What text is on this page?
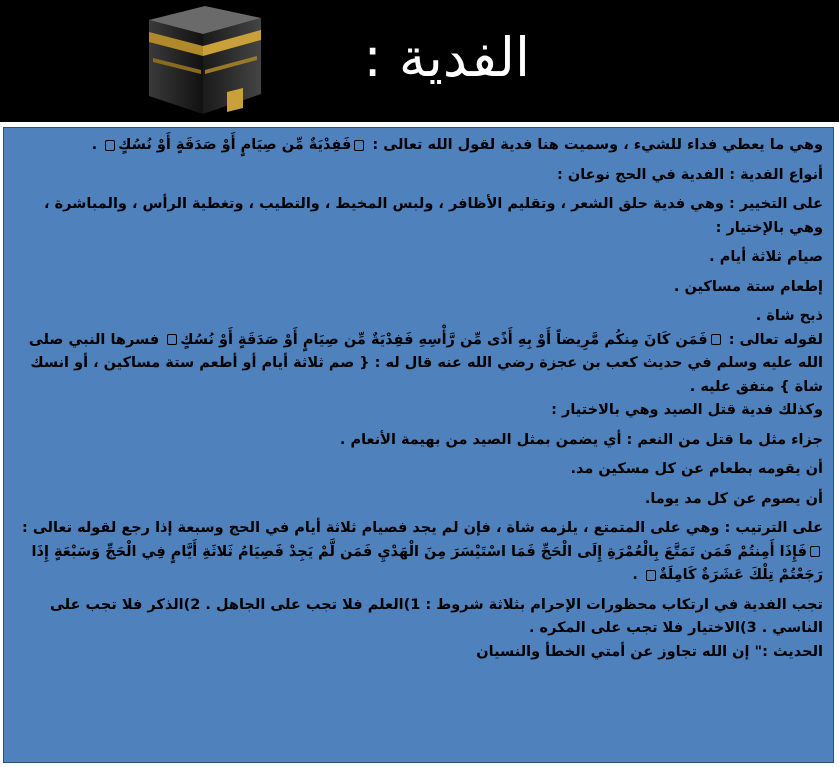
الفدية :

وهي ما يعطي فداء للشيء ، وسميت هنا فدية لقول الله تعالى : فَفِدْيَةٌ مِّن صِيَامٍ أَوْ صَدَقَةٍ أَوْ نُسُكٍ .

أنواع الفدية : الفدية في الحج نوعان :

على التخيير : وهي فدية حلق الشعر ، وتقليم الأظافر ، ولبس المخيط ، والتطيب ، وتغطية الرأس ، والمباشرة ، وهي بالإختيار :

صيام ثلاثة أيام .

إطعام ستة مساكين .

ذبح شاة .

لقوله تعالى : فَمَن كَانَ مِنكُم مَّرِيضاً أَوْ بِهِ أَذًى مِّن رَّأْسِهِ فَفِدْيَةٌ مِّن صِيَامٍ أَوْ صَدَقَةٍ أَوْ نُسُكٍ فسرها النبي صلى الله عليه وسلم في حديث كعب بن عجزة رضي الله عنه قال له : { صم ثلاثة أيام أو أطعم ستة مساكين ، أو انسك شاة } متفق عليه .

وكذلك فدية قتل الصيد وهي بالاختيار :

جزاء مثل ما قتل من النعم : أي يضمن بمثل الصيد من بهيمة الأنعام .

أن يقومه بطعام عن كل مسكين مد.

أن يصوم عن كل مد يوما.

على الترتيب : وهي على المتمتع ، يلزمه شاة ، فإن لم يجد فصيام ثلاثة أيام في الحج وسبعة إذا رجع لقوله تعالى : فَإِذَا أَمِنتُمْ فَمَن تَمَتَّعَ بِالْعُمْرَةِ إِلَى الْحَجِّ فَمَا اسْتَيْسَرَ مِنَ الْهَدْيِ فَمَن لَّمْ يَجِدْ فَصِيَامُ ثَلاثَةِ أَيَّامٍ فِي الْحَجِّ وَسَبْعَةٍ إِذَا رَجَعْتُمْ تِلْكَ عَشَرَةٌ كَامِلَةٌ .

تجب الفدية في ارتكاب محظورات الإحرام بثلاثة شروط : 1)العلم فلا تجب على الجاهل . 2)الذكر فلا تجب على الناسي . 3)الاختيار فلا تجب على المكره .

الحديث :" إن الله تجاوز عن أمتي الخطأ والنسيان
